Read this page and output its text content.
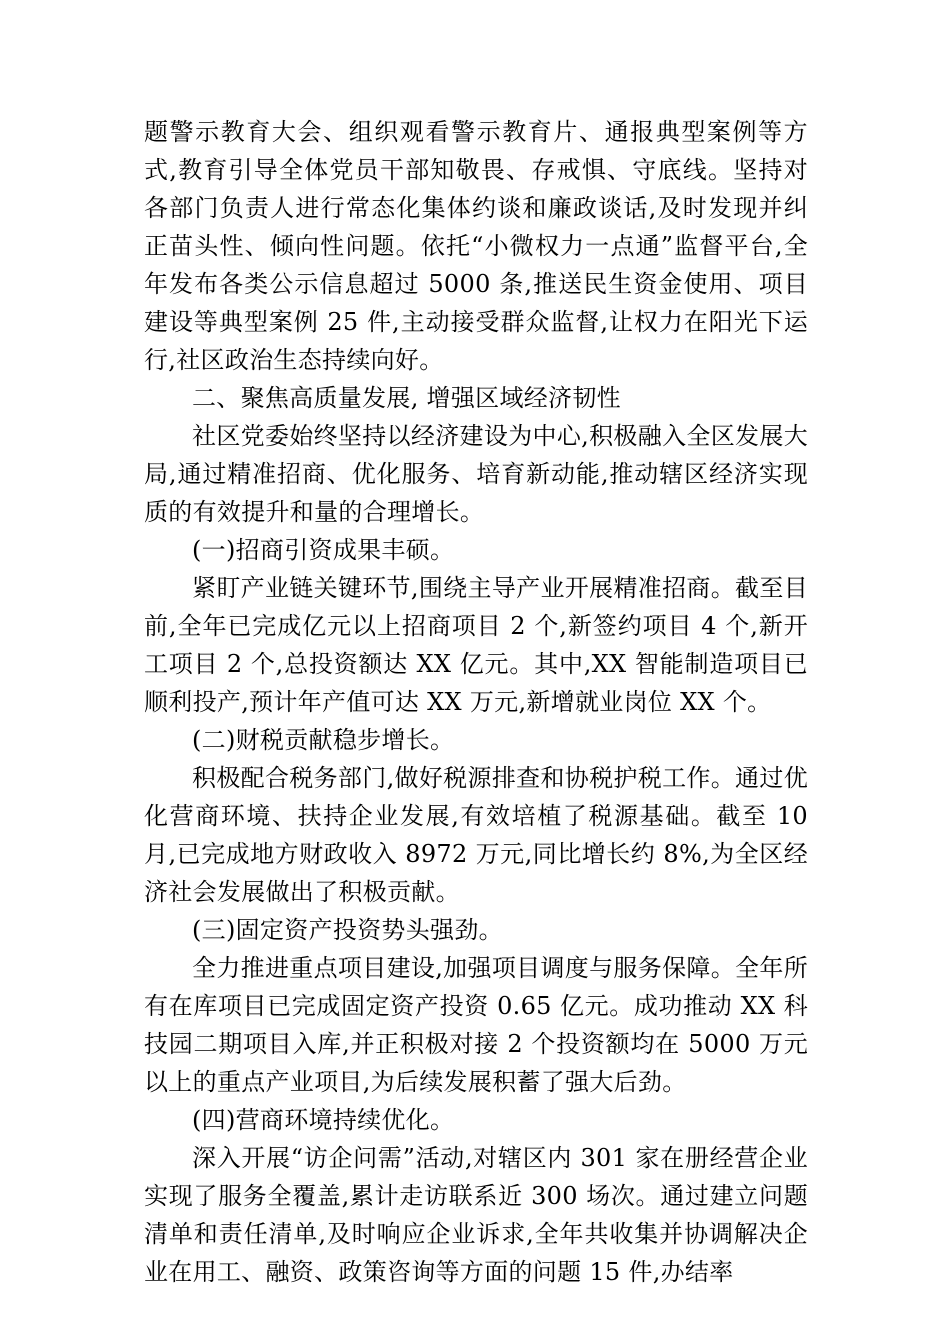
题警示教育大会、组织观看警示教育片、通报典型案例等方式,教育引导全体党员干部知敬畏、存戒惧、守底线。坚持对各部门负责人进行常态化集体约谈和廉政谈话,及时发现并纠正苗头性、倾向性问题。依托“小微权力一点通”监督平台,全年发布各类公示信息超过 5000 条,推送民生资金使用、项目建设等典型案例 25 件,主动接受群众监督,让权力在阳光下运行,社区政治生态持续向好。

二、聚焦高质量发展, 增强区域经济韧性

社区党委始终坚持以经济建设为中心,积极融入全区发展大局,通过精准招商、优化服务、培育新动能,推动辖区经济实现质的有效提升和量的合理增长。

(一)招商引资成果丰硕。

紧盯产业链关键环节,围绕主导产业开展精准招商。截至目前,全年已完成亿元以上招商项目 2 个,新签约项目 4 个,新开工项目 2 个,总投资额达 XX 亿元。其中,XX 智能制造项目已顺利投产,预计年产值可达 XX 万元,新增就业岗位 XX 个。

(二)财税贡献稳步增长。

积极配合税务部门,做好税源排查和协税护税工作。通过优化营商环境、扶持企业发展,有效培植了税源基础。截至 10 月,已完成地方财政收入 8972 万元,同比增长约 8%,为全区经济社会发展做出了积极贡献。

(三)固定资产投资势头强劲。

全力推进重点项目建设,加强项目调度与服务保障。全年所有在库项目已完成固定资产投资 0.65 亿元。成功推动 XX 科技园二期项目入库,并正积极对接 2 个投资额均在 5000 万元以上的重点产业项目,为后续发展积蓄了强大后劲。

(四)营商环境持续优化。

深入开展“访企问需”活动,对辖区内 301 家在册经营企业实现了服务全覆盖,累计走访联系近 300 场次。通过建立问题清单和责任清单,及时响应企业诉求,全年共收集并协调解决企业在用工、融资、政策咨询等方面的问题 15 件,办结率
